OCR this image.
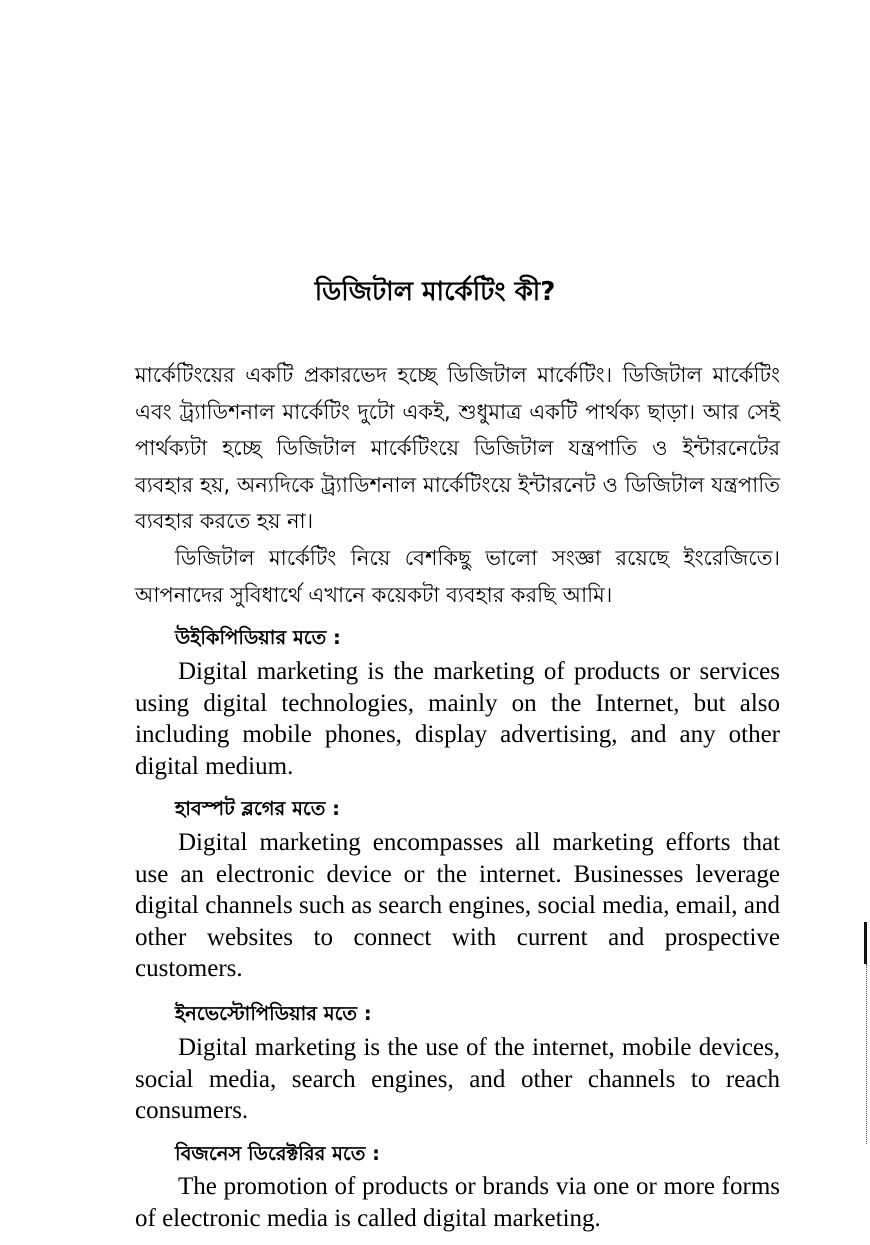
ডিজিটাল মার্কেটিং কী?

মার্কেটিংয়ের একটি প্রকারভেদ হচ্ছে ডিজিটাল মার্কেটিং। ডিজিটাল মার্কেটিং এবং ট্র্যাডিশনাল মার্কেটিং দুটো একই, শুধুমাত্র একটি পার্থক্য ছাড়া। আর সেই পার্থক্যটা হচ্ছে ডিজিটাল মার্কেটিংয়ে ডিজিটাল যন্ত্রপাতি ও ইন্টারনেটের ব্যবহার হয়, অন্যদিকে ট্র্যাডিশনাল মার্কেটিংয়ে ইন্টারনেট ও ডিজিটাল যন্ত্রপাতি ব্যবহার করতে হয় না।

ডিজিটাল মার্কেটিং নিয়ে বেশকিছু ভালো সংজ্ঞা রয়েছে ইংরেজিতে। আপনাদের সুবিধার্থে এখানে কয়েকটা ব্যবহার করছি আমি।

উইকিপিডিয়ার মতে :

Digital marketing is the marketing of products or services using digital technologies, mainly on the Internet, but also including mobile phones, display advertising, and any other digital medium.

হাবস্পট ব্লগের মতে :

Digital marketing encompasses all marketing efforts that use an electronic device or the internet. Businesses leverage digital channels such as search engines, social media, email, and other websites to connect with current and prospective customers.

ইনভেস্টোপিডিয়ার মতে :

Digital marketing is the use of the internet, mobile devices, social media, search engines, and other channels to reach consumers.

বিজনেস ডিরেক্টরির মতে :

The promotion of products or brands via one or more forms of electronic media is called digital marketing.
